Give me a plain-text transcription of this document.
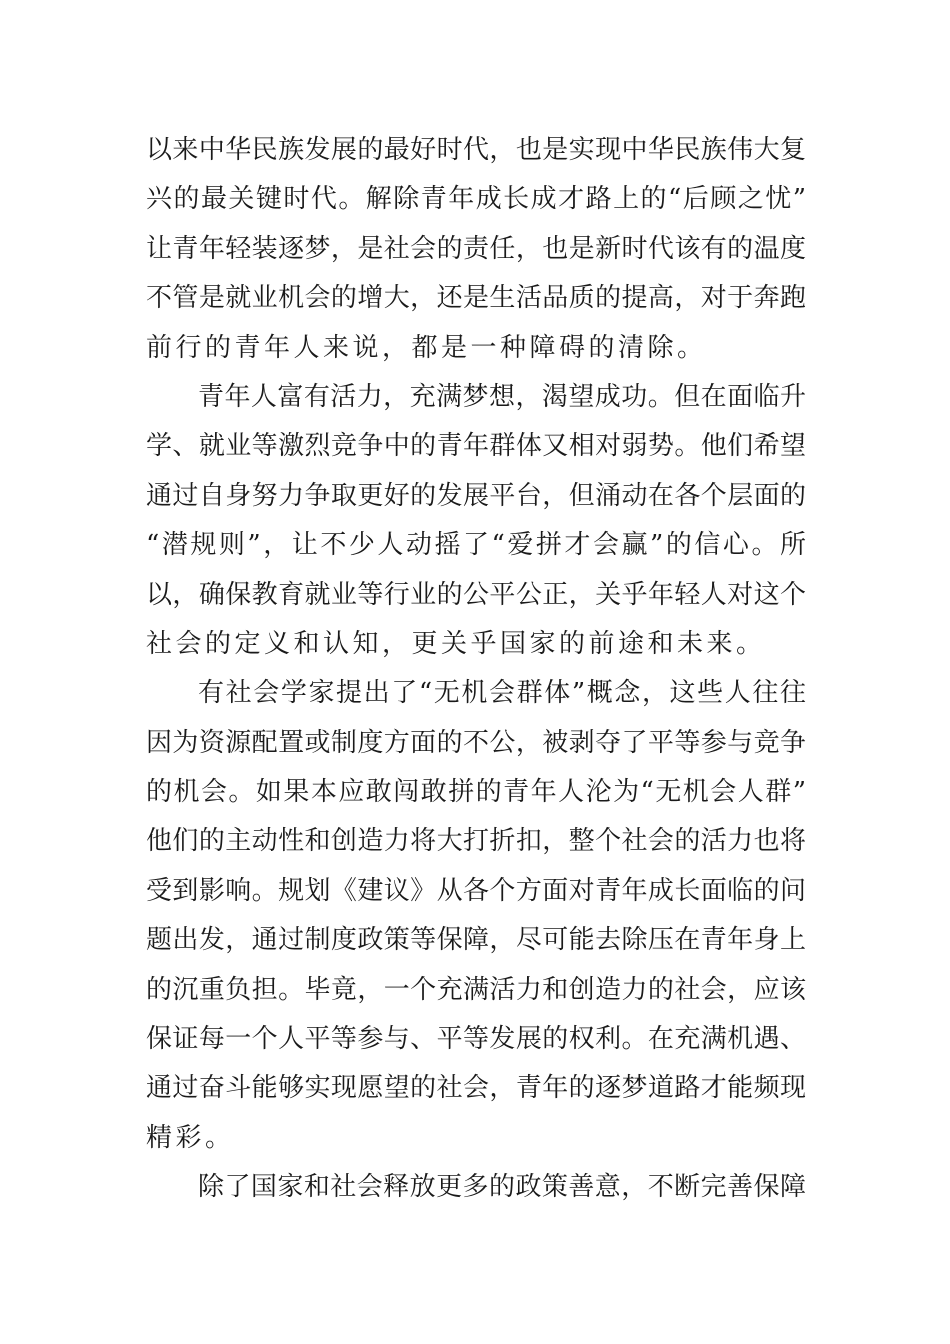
以来中华民族发展的最好时代，也是实现中华民族伟大复
兴的最关键时代。解除青年成长成才路上的“后顾之忧”
让青年轻装逐梦，是社会的责任，也是新时代该有的温度
不管是就业机会的增大，还是生活品质的提高，对于奔跑
前行的青年人来说，都是一种障碍的清除。
青年人富有活力，充满梦想，渴望成功。但在面临升
学、就业等激烈竞争中的青年群体又相对弱势。他们希望
通过自身努力争取更好的发展平台，但涌动在各个层面的
“潜规则”，让不少人动摇了“爱拼才会赢”的信心。所
以，确保教育就业等行业的公平公正，关乎年轻人对这个
社会的定义和认知，更关乎国家的前途和未来。
有社会学家提出了“无机会群体”概念，这些人往往
因为资源配置或制度方面的不公，被剥夺了平等参与竞争
的机会。如果本应敢闯敢拼的青年人沦为“无机会人群”
他们的主动性和创造力将大打折扣，整个社会的活力也将
受到影响。规划《建议》从各个方面对青年成长面临的问
题出发，通过制度政策等保障，尽可能去除压在青年身上
的沉重负担。毕竟，一个充满活力和创造力的社会，应该
保证每一个人平等参与、平等发展的权利。在充满机遇、
通过奋斗能够实现愿望的社会，青年的逐梦道路才能频现
精彩。
除了国家和社会释放更多的政策善意，不断完善保障
